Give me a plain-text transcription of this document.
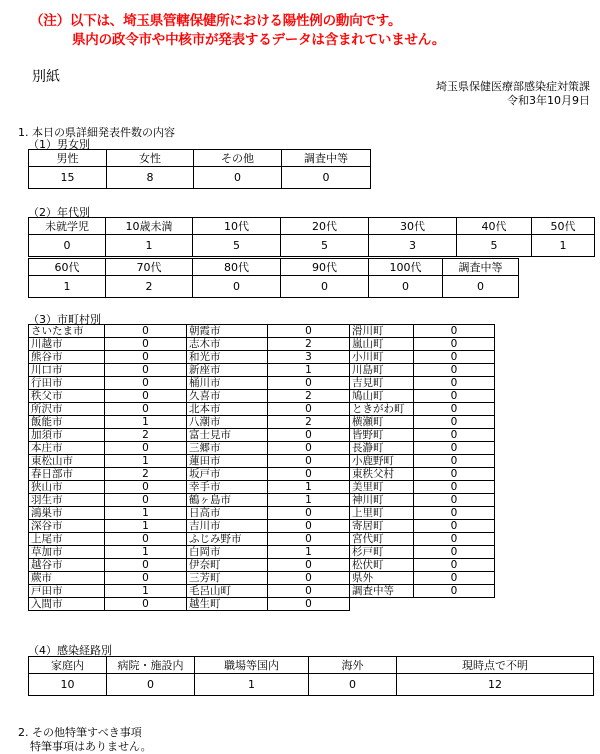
（注）以下は、埼玉県管轄保健所における陽性例の動向です。
県内の政令市や中核市が発表するデータは含まれていません。
別紙
埼玉県保健医療部感染症対策課
令和3年10月9日
1. 本日の県詳細発表件数の内容
（1）男女別
男性	女性	その他	調査中等
15	8	0	0
（2）年代別
未就学児	10歳未満	10代	20代	30代	40代	50代
0	1	5	5	3	5	1
60代	70代	80代	90代	100代	調査中等
1	2	0	0	0	0
（3）市町村別
さいたま市	0	朝霞市	0	滑川町	0
川越市	0	志木市	2	嵐山町	0
熊谷市	0	和光市	3	小川町	0
川口市	0	新座市	1	川島町	0
行田市	0	桶川市	0	吉見町	0
秩父市	0	久喜市	2	鳩山町	0
所沢市	0	北本市	0	ときがわ町	0
飯能市	1	八潮市	2	横瀬町	0
加須市	2	富士見市	0	皆野町	0
本庄市	0	三郷市	0	長瀞町	0
東松山市	1	蓮田市	0	小鹿野町	0
春日部市	2	坂戸市	0	東秩父村	0
狭山市	0	幸手市	1	美里町	0
羽生市	0	鶴ヶ島市	1	神川町	0
鴻巣市	1	日高市	0	上里町	0
深谷市	1	吉川市	0	寄居町	0
上尾市	0	ふじみ野市	0	宮代町	0
草加市	1	白岡市	1	杉戸町	0
越谷市	0	伊奈町	0	松伏町	0
蕨市	0	三芳町	0	県外	0
戸田市	1	毛呂山町	0	調査中等	0
入間市	0	越生町	0		
（4）感染経路別
家庭内	病院・施設内	職場等国内	海外	現時点で不明
10	0	1	0	12
2. その他特筆すべき事項
特筆事項はありません。
